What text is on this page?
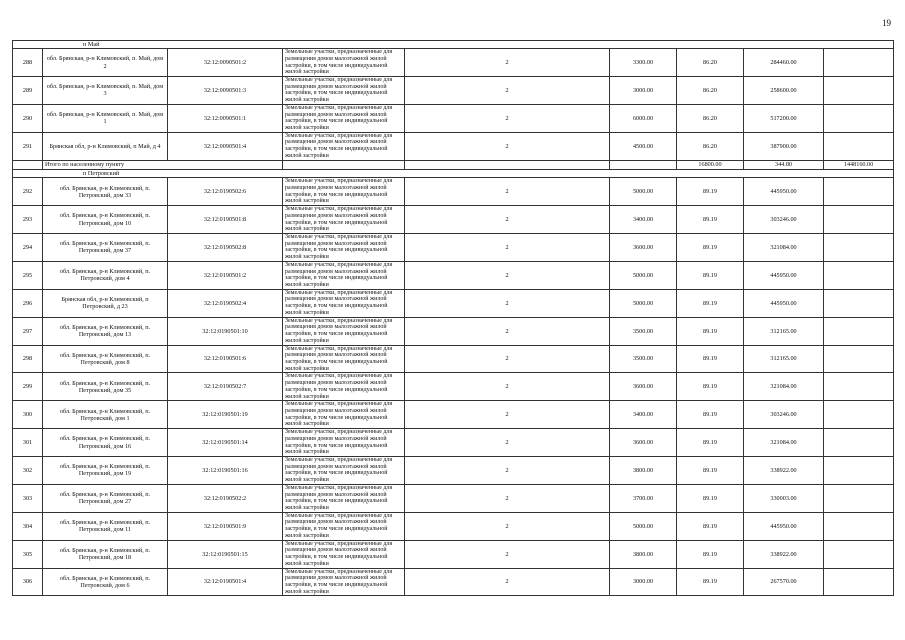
19
п Май								

288	обл. Брянская, р-н Климовский, п. Май, дом 2	32:12:0090501:2	Земельные участки, предназначенные для размещения домов малоэтажной жилой застройки, в том числе индивидуальной жилой застройки	2	3300.00	86.20	284460.00	
289	обл. Брянская, р-н Климовский, п. Май, дом 3	32:12:0090501:3	Земельные участки, предназначенные для размещения домов малоэтажной жилой застройки, в том числе индивидуальной жилой застройки	2	3000.00	86.20	258600.00	
290	обл. Брянская, р-н Климовский, п. Май, дом 1	32:12:0090501:1	Земельные участки, предназначенные для размещения домов малоэтажной жилой застройки, в том числе индивидуальной жилой застройки	2	6000.00	86.20	517200.00	
291	Брянская обл, р-н Климовский, п Май, д 4	32:12:0090501:4	Земельные участки, предназначенные для размещения домов малоэтажной жилой застройки, в том числе индивидуальной жилой застройки	2	4500.00	86.20	387900.00	
	Итого по населенному пункту					16800.00	344.80	1448160.00

п Петровский								

292	обл. Брянская, р-н Климовский, п. Петровский, дом 33	32:12:0190502:6	Земельные участки, предназначенные для размещения домов малоэтажной жилой застройки, в том числе индивидуальной жилой застройки	2	5000.00	89.19	445950.00	
293	обл. Брянская, р-н Климовский, п. Петровский, дом 10	32:12:0190501:8	Земельные участки, предназначенные для размещения домов малоэтажной жилой застройки, в том числе индивидуальной жилой застройки	2	3400.00	89.19	303246.00	
294	обл. Брянская, р-н Климовский, п. Петровский, дом 37	32:12:0190502:8	Земельные участки, предназначенные для размещения домов малоэтажной жилой застройки, в том числе индивидуальной жилой застройки	2	3600.00	89.19	321084.00	
295	обл. Брянская, р-н Климовский, п. Петровский, дом 4	32:12:0190501:2	Земельные участки, предназначенные для размещения домов малоэтажной жилой застройки, в том числе индивидуальной жилой застройки	2	5000.00	89.19	445950.00	
296	Брянская обл, р-н Климовский, п Петровский, д 23	32:12:0190502:4	Земельные участки, предназначенные для размещения домов малоэтажной жилой застройки, в том числе индивидуальной жилой застройки	2	5000.00	89.19	445950.00	
297	обл. Брянская, р-н Климовский, п. Петровский, дом 13	32:12:0190501:10	Земельные участки, предназначенные для размещения домов малоэтажной жилой застройки, в том числе индивидуальной жилой застройки	2	3500.00	89.19	312165.00	
298	обл. Брянская, р-н Климовский, п. Петровский, дом 8	32:12:0190501:6	Земельные участки, предназначенные для размещения домов малоэтажной жилой застройки, в том числе индивидуальной жилой застройки	2	3500.00	89.19	312165.00	
299	обл. Брянская, р-н Климовский, п. Петровский, дом 35	32:12:0190502:7	Земельные участки, предназначенные для размещения домов малоэтажной жилой застройки, в том числе индивидуальной жилой застройки	2	3600.00	89.19	321084.00	
300	обл. Брянская, р-н Климовский, п. Петровский, дом 1	32:12:0190501:19	Земельные участки, предназначенные для размещения домов малоэтажной жилой застройки, в том числе индивидуальной жилой застройки	2	3400.00	89.19	303246.00	
301	обл. Брянская, р-н Климовский, п. Петровский, дом 16	32:12:0190501:14	Земельные участки, предназначенные для размещения домов малоэтажной жилой застройки, в том числе индивидуальной жилой застройки	2	3600.00	89.19	321084.00	
302	обл. Брянская, р-н Климовский, п. Петровский, дом 19	32:12:0190501:16	Земельные участки, предназначенные для размещения домов малоэтажной жилой застройки, в том числе индивидуальной жилой застройки	2	3800.00	89.19	338922.00	
303	обл. Брянская, р-н Климовский, п. Петровский, дом 27	32:12:0190502:2	Земельные участки, предназначенные для размещения домов малоэтажной жилой застройки, в том числе индивидуальной жилой застройки	2	3700.00	89.19	330003.00	
304	обл. Брянская, р-н Климовский, п. Петровский, дом 11	32:12:0190501:9	Земельные участки, предназначенные для размещения домов малоэтажной жилой застройки, в том числе индивидуальной жилой застройки	2	5000.00	89.19	445950.00	
305	обл. Брянская, р-н Климовский, п. Петровский, дом 18	32:12:0190501:15	Земельные участки, предназначенные для размещения домов малоэтажной жилой застройки, в том числе индивидуальной жилой застройки	2	3800.00	89.19	338922.00	
306	обл. Брянская, р-н Климовский, п. Петровский, дом 6	32:12:0190501:4	Земельные участки, предназначенные для размещения домов малоэтажной жилой застройки, в том числе индивидуальной жилой застройки	2	3000.00	89.19	267570.00	
